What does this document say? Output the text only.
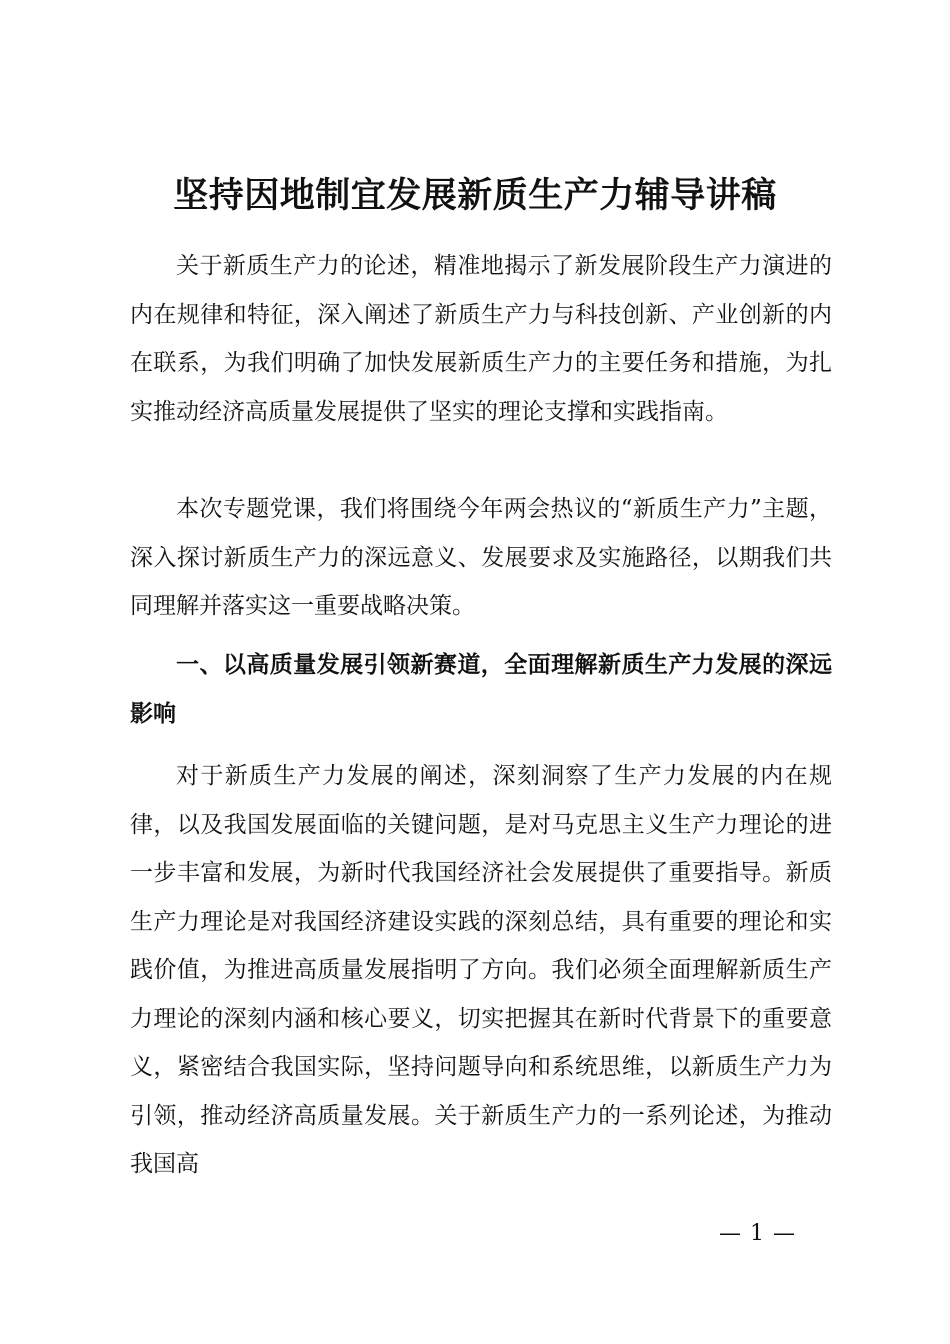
坚持因地制宜发展新质生产力辅导讲稿
关于新质生产力的论述，精准地揭示了新发展阶段生产力演进的内在规律和特征，深入阐述了新质生产力与科技创新、产业创新的内在联系，为我们明确了加快发展新质生产力的主要任务和措施，为扎实推动经济高质量发展提供了坚实的理论支撑和实践指南。
本次专题党课，我们将围绕今年两会热议的“新质生产力”主题，深入探讨新质生产力的深远意义、发展要求及实施路径，以期我们共同理解并落实这一重要战略决策。
一、以高质量发展引领新赛道，全面理解新质生产力发展的深远影响
对于新质生产力发展的阐述，深刻洞察了生产力发展的内在规律，以及我国发展面临的关键问题，是对马克思主义生产力理论的进一步丰富和发展，为新时代我国经济社会发展提供了重要指导。新质生产力理论是对我国经济建设实践的深刻总结，具有重要的理论和实践价值，为推进高质量发展指明了方向。我们必须全面理解新质生产力理论的深刻内涵和核心要义，切实把握其在新时代背景下的重要意义，紧密结合我国实际，坚持问题导向和系统思维，以新质生产力为引领，推动经济高质量发展。关于新质生产力的一系列论述，为推动我国高
— 1 —
